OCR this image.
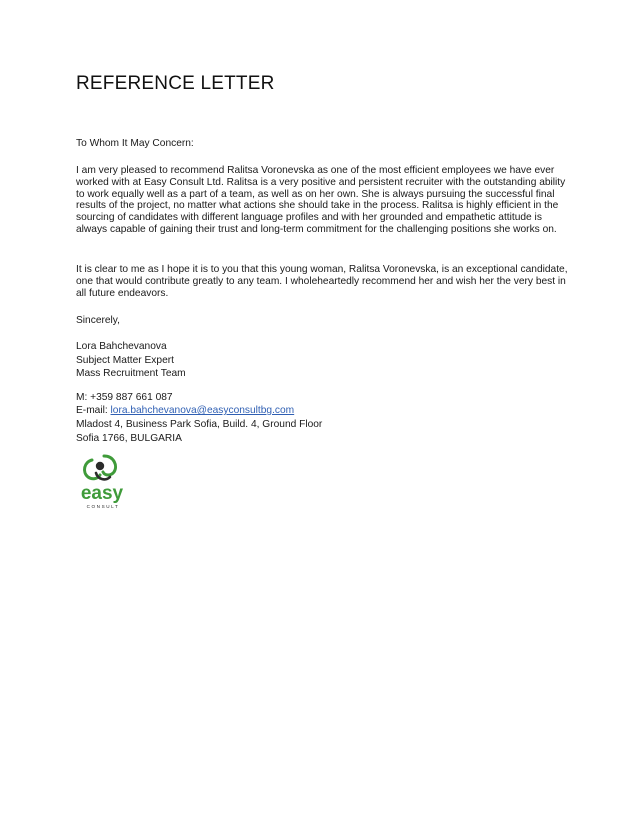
REFERENCE LETTER
To Whom It May Concern:
I am very pleased to recommend Ralitsa Voronevska as one of the most efficient employees we have ever worked with at Easy Consult Ltd. Ralitsa is a very positive and persistent recruiter with the outstanding ability to work equally well as a part of a team, as well as on her own. She is always pursuing the successful final results of the project, no matter what actions she should take in the process. Ralitsa is highly efficient in the sourcing of candidates with different language profiles and with her grounded and empathetic attitude is always capable of gaining their trust and long-term commitment for the challenging positions she works on.
It is clear to me as I hope it is to you that this young woman, Ralitsa Voronevska, is an exceptional candidate, one that would contribute greatly to any team. I wholeheartedly recommend her and wish her the very best in all future endeavors.
Sincerely,
Lora Bahchevanova
Subject Matter Expert
Mass Recruitment Team
M: +359 887 661 087
E-mail: lora.bahchevanova@easyconsultbg.com
Mladost 4, Business Park Sofia, Build. 4, Ground Floor
Sofia 1766, BULGARIA
easy
CONSULT
